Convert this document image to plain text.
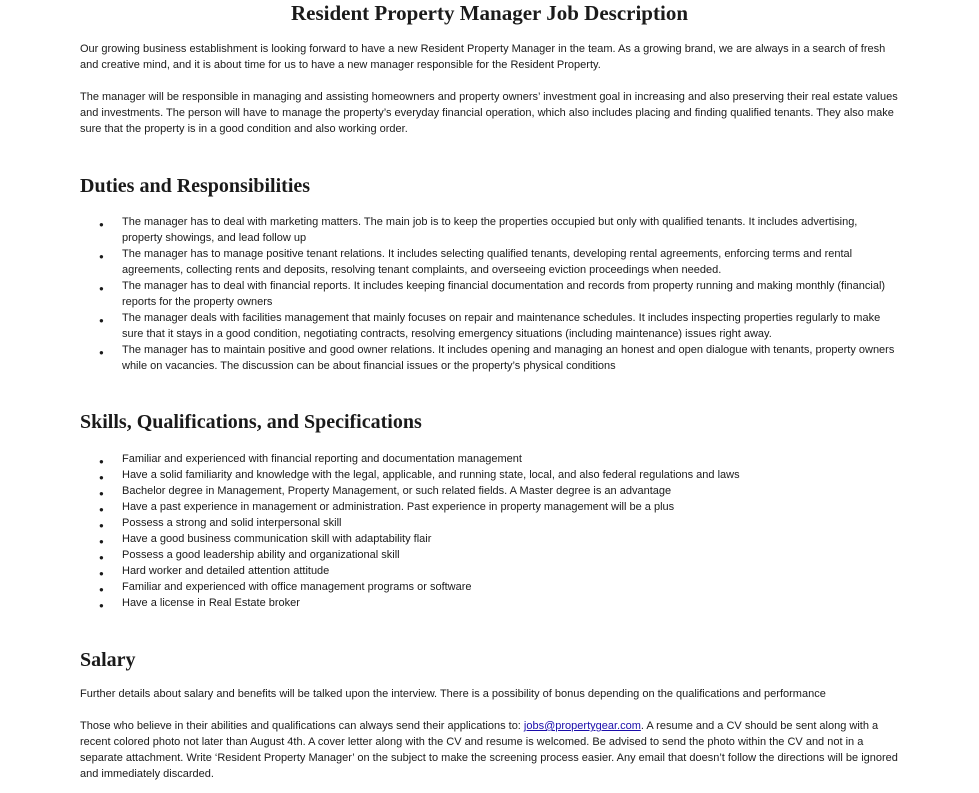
Resident Property Manager Job Description

Our growing business establishment is looking forward to have a new Resident Property Manager in the team. As a growing brand, we are always in a search of fresh and creative mind, and it is about time for us to have a new manager responsible for the Resident Property.

The manager will be responsible in managing and assisting homeowners and property owners’ investment goal in increasing and also preserving their real estate values and investments. The person will have to manage the property’s everyday financial operation, which also includes placing and finding qualified tenants. They also make sure that the property is in a good condition and also working order.

Duties and Responsibilities
● The manager has to deal with marketing matters. The main job is to keep the properties occupied but only with qualified tenants. It includes advertising, property showings, and lead follow up
● The manager has to manage positive tenant relations. It includes selecting qualified tenants, developing rental agreements, enforcing terms and rental agreements, collecting rents and deposits, resolving tenant complaints, and overseeing eviction proceedings when needed.
● The manager has to deal with financial reports. It includes keeping financial documentation and records from property running and making monthly (financial) reports for the property owners
● The manager deals with facilities management that mainly focuses on repair and maintenance schedules. It includes inspecting properties regularly to make sure that it stays in a good condition, negotiating contracts, resolving emergency situations (including maintenance) issues right away.
● The manager has to maintain positive and good owner relations. It includes opening and managing an honest and open dialogue with tenants, property owners while on vacancies. The discussion can be about financial issues or the property’s physical conditions
Skills, Qualifications, and Specifications
● Familiar and experienced with financial reporting and documentation management
● Have a solid familiarity and knowledge with the legal, applicable, and running state, local, and also federal regulations and laws
● Bachelor degree in Management, Property Management, or such related fields. A Master degree is an advantage
● Have a past experience in management or administration. Past experience in property management will be a plus
● Possess a strong and solid interpersonal skill
● Have a good business communication skill with adaptability flair
● Possess a good leadership ability and organizational skill
● Hard worker and detailed attention attitude
● Familiar and experienced with office management programs or software
● Have a license in Real Estate broker
Salary

Further details about salary and benefits will be talked upon the interview. There is a possibility of bonus depending on the qualifications and performance

Those who believe in their abilities and qualifications can always send their applications to: jobs@propertygear.com. A resume and a CV should be sent along with a recent colored photo not later than August 4th. A cover letter along with the CV and resume is welcomed. Be advised to send the photo within the CV and not in a separate attachment. Write ‘Resident Property Manager’ on the subject to make the screening process easier. Any email that doesn’t follow the directions will be ignored and immediately discarded.
